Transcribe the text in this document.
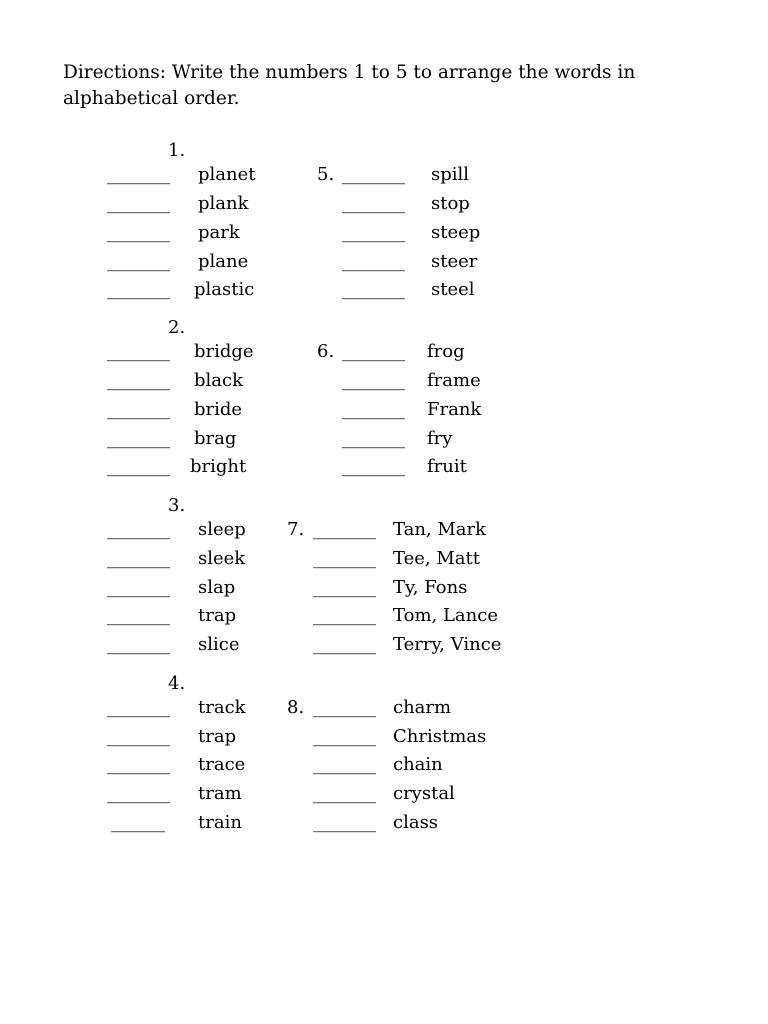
Directions: Write the numbers 1 to 5 to arrange the words in alphabetical order.

1.
_______ planet
_______ plank
_______ park
_______ plane
_______ plastic
5. _______ spill
_______ stop
_______ steep
_______ steer
_______ steel
2.
_______ bridge
_______ black
_______ bride
_______ brag
_______ bright
6. _______ frog
_______ frame
_______ Frank
_______ fry
_______ fruit
3.
_______ sleep
_______ sleek
_______ slap
_______ trap
_______ slice
7. _______ Tan, Mark
_______ Tee, Matt
_______ Ty, Fons
_______ Tom, Lance
_______ Terry, Vince
4.
_______ track
_______ trap
_______ trace
_______ tram
______ train
8. _______ charm
_______ Christmas
_______ chain
_______ crystal
_______ class
